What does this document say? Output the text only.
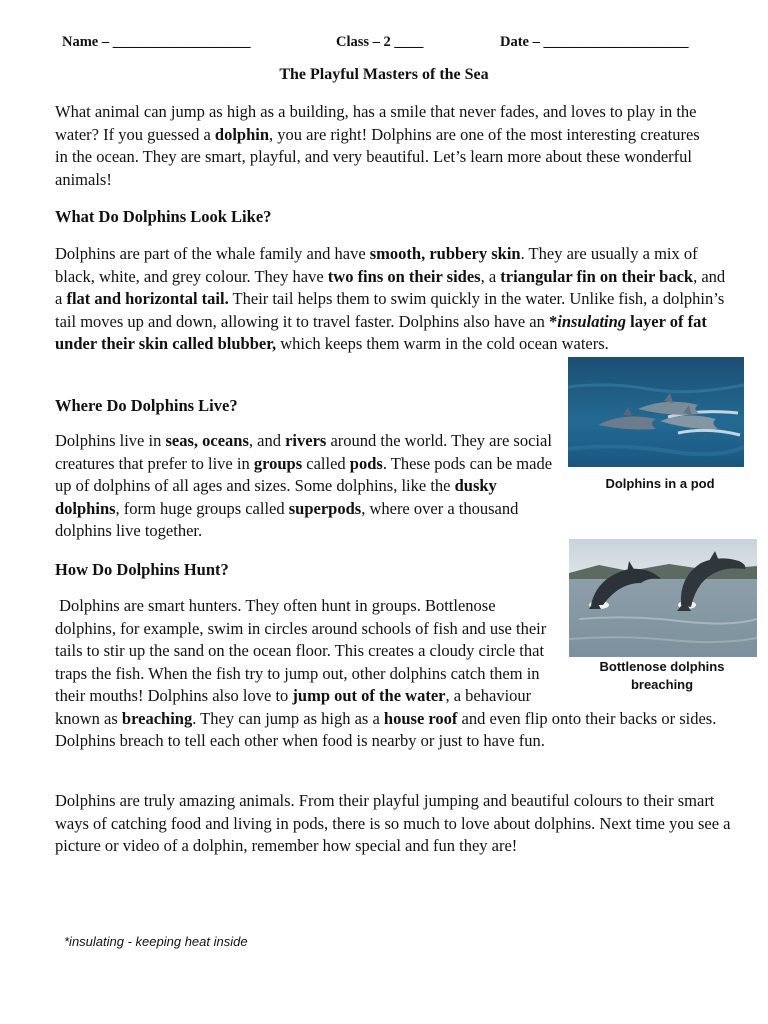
Name – ___________________	Class – 2 ____	Date – ____________________
The Playful Masters of the Sea

What animal can jump as high as a building, has a smile that never fades, and loves to play in the water? If you guessed a dolphin, you are right! Dolphins are one of the most interesting creatures in the ocean. They are smart, playful, and very beautiful. Let’s learn more about these wonderful animals!

What Do Dolphins Look Like?

Dolphins are part of the whale family and have smooth, rubbery skin. They are usually a mix of black, white, and grey colour. They have two fins on their sides, a triangular fin on their back, and a flat and horizontal tail. Their tail helps them to swim quickly in the water. Unlike fish, a dolphin’s tail moves up and down, allowing it to travel faster. Dolphins also have an *insulating layer of fat under their skin called blubber, which keeps them warm in the cold ocean waters.

Dolphins in a pod

Where Do Dolphins Live?

Dolphins live in seas, oceans, and rivers around the world. They are social creatures that prefer to live in groups called pods. These pods can be made up of dolphins of all ages and sizes. Some dolphins, like the dusky dolphins, form huge groups called superpods, where over a thousand dolphins live together.

How Do Dolphins Hunt?

Bottlenose dolphins
breaching
Dolphins are smart hunters. They often hunt in groups. Bottlenose dolphins, for example, swim in circles around schools of fish and use their tails to stir up the sand on the ocean floor. This creates a cloudy circle that traps the fish. When the fish try to jump out, other dolphins catch them in their mouths! Dolphins also love to jump out of the water, a behaviour known as breaching. They can jump as high as a house roof and even flip onto their backs or sides. Dolphins breach to tell each other when food is nearby or just to have fun.

Dolphins are truly amazing animals. From their playful jumping and beautiful colours to their smart ways of catching food and living in pods, there is so much to love about dolphins. Next time you see a picture or video of a dolphin, remember how special and fun they are!

*insulating - keeping heat inside
